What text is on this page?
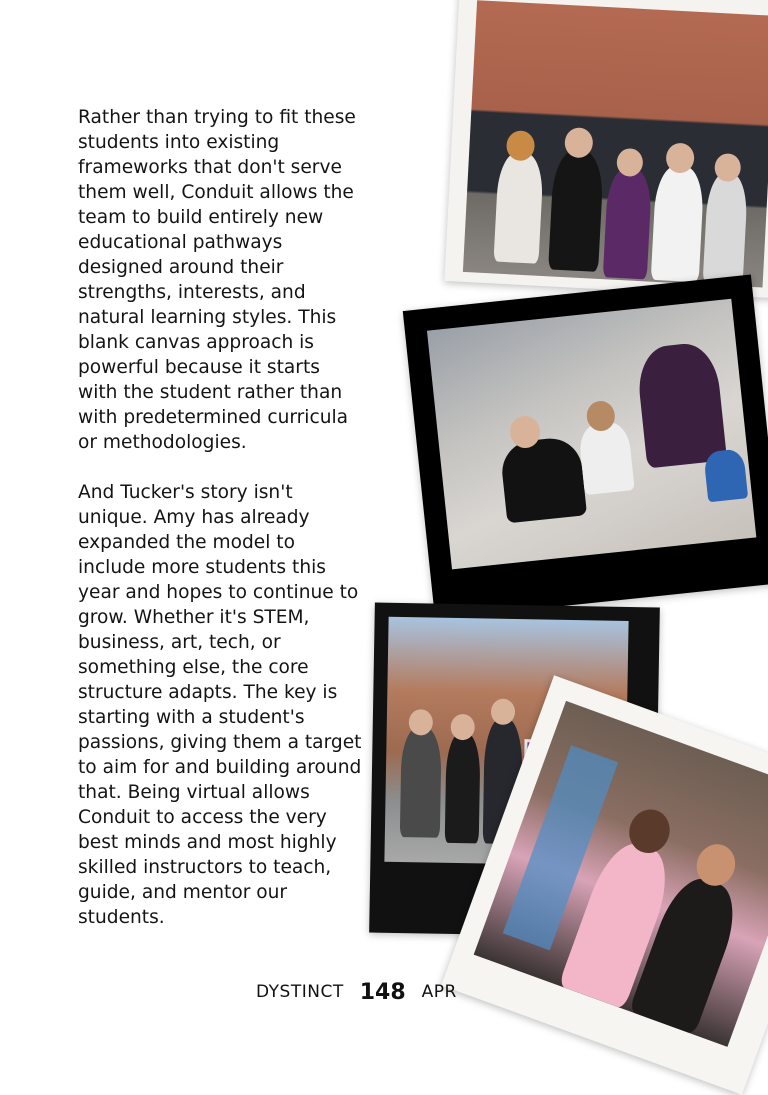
Rather than trying to fit these students into existing frameworks that don't serve them well, Conduit allows the team to build entirely new educational pathways designed around their strengths, interests, and natural learning styles. This blank canvas approach is powerful because it starts with the student rather than with predetermined curricula or methodologies.

And Tucker's story isn't unique. Amy has already expanded the model to include more students this year and hopes to continue to grow. Whether it's STEM, business, art, tech, or something else, the core structure adapts. The key is starting with a student's passions, giving them a target to aim for and building around that. Being virtual allows Conduit to access the very best minds and most highly skilled instructors to teach, guide, and mentor our students.

DYSTINCT 148 APR
